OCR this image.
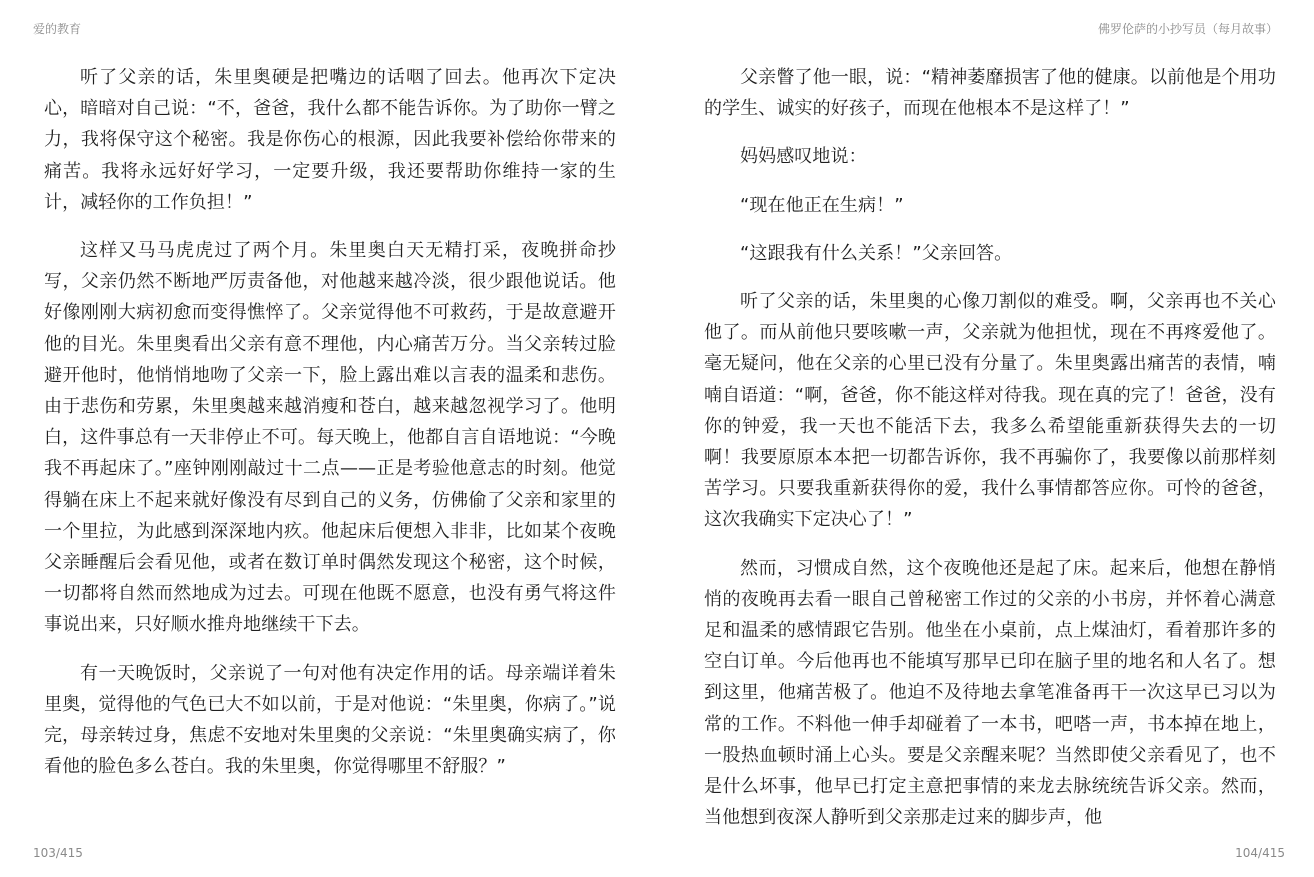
爱的教育	佛罗伦萨的小抄写员（每月故事）

听了父亲的话，朱里奥硬是把嘴边的话咽了回去。他再次下定决心，暗暗对自己说：“不，爸爸，我什么都不能告诉你。为了助你一臂之力，我将保守这个秘密。我是你伤心的根源，因此我要补偿给你带来的痛苦。我将永远好好学习，一定要升级，我还要帮助你维持一家的生计，减轻你的工作负担！”

这样又马马虎虎过了两个月。朱里奥白天无精打采，夜晚拼命抄写，父亲仍然不断地严厉责备他，对他越来越冷淡，很少跟他说话。他好像刚刚大病初愈而变得憔悴了。父亲觉得他不可救药，于是故意避开他的目光。朱里奥看出父亲有意不理他，内心痛苦万分。当父亲转过脸避开他时，他悄悄地吻了父亲一下，脸上露出难以言表的温柔和悲伤。由于悲伤和劳累，朱里奥越来越消瘦和苍白，越来越忽视学习了。他明白，这件事总有一天非停止不可。每天晚上，他都自言自语地说：“今晚我不再起床了。”座钟刚刚敲过十二点——正是考验他意志的时刻。他觉得躺在床上不起来就好像没有尽到自己的义务，仿佛偷了父亲和家里的一个里拉，为此感到深深地内疚。他起床后便想入非非，比如某个夜晚父亲睡醒后会看见他，或者在数订单时偶然发现这个秘密，这个时候，一切都将自然而然地成为过去。可现在他既不愿意，也没有勇气将这件事说出来，只好顺水推舟地继续干下去。

有一天晚饭时，父亲说了一句对他有决定作用的话。母亲端详着朱里奥，觉得他的气色已大不如以前，于是对他说：“朱里奥，你病了。”说完，母亲转过身，焦虑不安地对朱里奥的父亲说：“朱里奥确实病了，你看他的脸色多么苍白。我的朱里奥，你觉得哪里不舒服？”

父亲瞥了他一眼，说：“精神萎靡损害了他的健康。以前他是个用功的学生、诚实的好孩子，而现在他根本不是这样了！”

妈妈感叹地说：

“现在他正在生病！”

“这跟我有什么关系！”父亲回答。

听了父亲的话，朱里奥的心像刀割似的难受。啊，父亲再也不关心他了。而从前他只要咳嗽一声，父亲就为他担忧，现在不再疼爱他了。毫无疑问，他在父亲的心里已没有分量了。朱里奥露出痛苦的表情，喃喃自语道：“啊，爸爸，你不能这样对待我。现在真的完了！爸爸，没有你的钟爱，我一天也不能活下去，我多么希望能重新获得失去的一切啊！我要原原本本把一切都告诉你，我不再骗你了，我要像以前那样刻苦学习。只要我重新获得你的爱，我什么事情都答应你。可怜的爸爸，这次我确实下定决心了！”

然而，习惯成自然，这个夜晚他还是起了床。起来后，他想在静悄悄的夜晚再去看一眼自己曾秘密工作过的父亲的小书房，并怀着心满意足和温柔的感情跟它告别。他坐在小桌前，点上煤油灯，看着那许多的空白订单。今后他再也不能填写那早已印在脑子里的地名和人名了。想到这里，他痛苦极了。他迫不及待地去拿笔准备再干一次这早已习以为常的工作。不料他一伸手却碰着了一本书，吧嗒一声，书本掉在地上，一股热血顿时涌上心头。要是父亲醒来呢？当然即使父亲看见了，也不是什么坏事，他早已打定主意把事情的来龙去脉统统告诉父亲。然而，当他想到夜深人静听到父亲那走过来的脚步声，他

103/415	104/415
